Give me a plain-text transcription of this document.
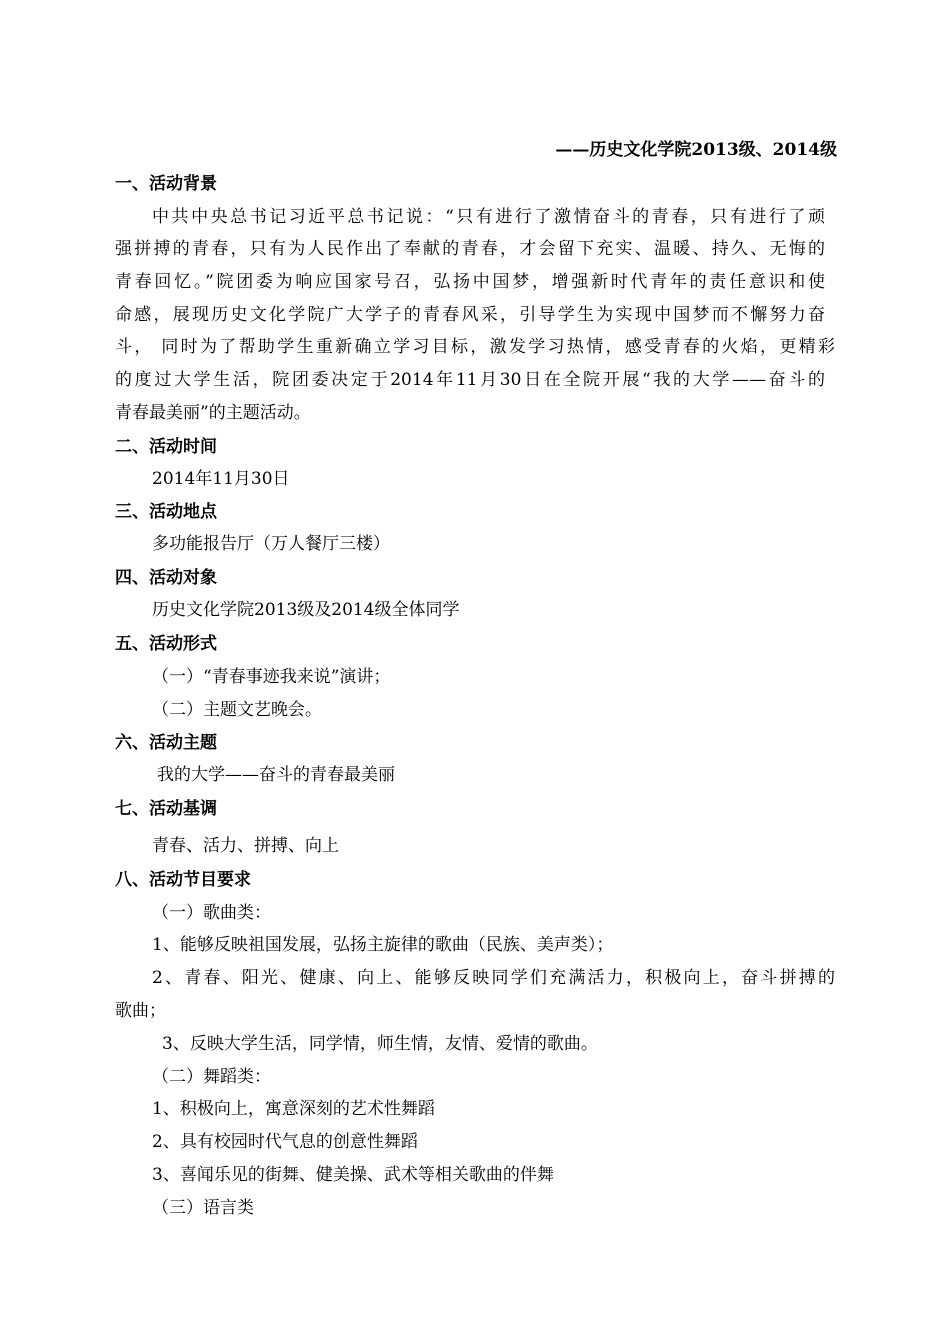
——历史文化学院2013级、2014级
一、活动背景
中共中央总书记习近平总书记说：“只有进行了激情奋斗的青春，只有进行了顽
强拼搏的青春，只有为人民作出了奉献的青春，才会留下充实、温暖、持久、无悔的
青春回忆。”院团委为响应国家号召，弘扬中国梦，增强新时代青年的责任意识和使
命感，展现历史文化学院广大学子的青春风采，引导学生为实现中国梦而不懈努力奋
斗， 同时为了帮助学生重新确立学习目标，激发学习热情，感受青春的火焰，更精彩
的度过大学生活，院团委决定于2014年11月30日在全院开展“我的大学——奋斗的
青春最美丽”的主题活动。
二、活动时间
2014年11月30日
三、活动地点
多功能报告厅（万人餐厅三楼）
四、活动对象
历史文化学院2013级及2014级全体同学
五、活动形式
（一）“青春事迹我来说”演讲；
（二）主题文艺晚会。
六、活动主题
我的大学——奋斗的青春最美丽
七、活动基调
青春、活力、拼搏、向上
八、活动节目要求
（一）歌曲类：
1、能够反映祖国发展，弘扬主旋律的歌曲（民族、美声类）；
2、青春、阳光、健康、向上、能够反映同学们充满活力，积极向上，奋斗拼搏的
歌曲；
3、反映大学生活，同学情，师生情，友情、爱情的歌曲。
（二）舞蹈类：
1、积极向上，寓意深刻的艺术性舞蹈
2、具有校园时代气息的创意性舞蹈
3、喜闻乐见的街舞、健美操、武术等相关歌曲的伴舞
（三）语言类
